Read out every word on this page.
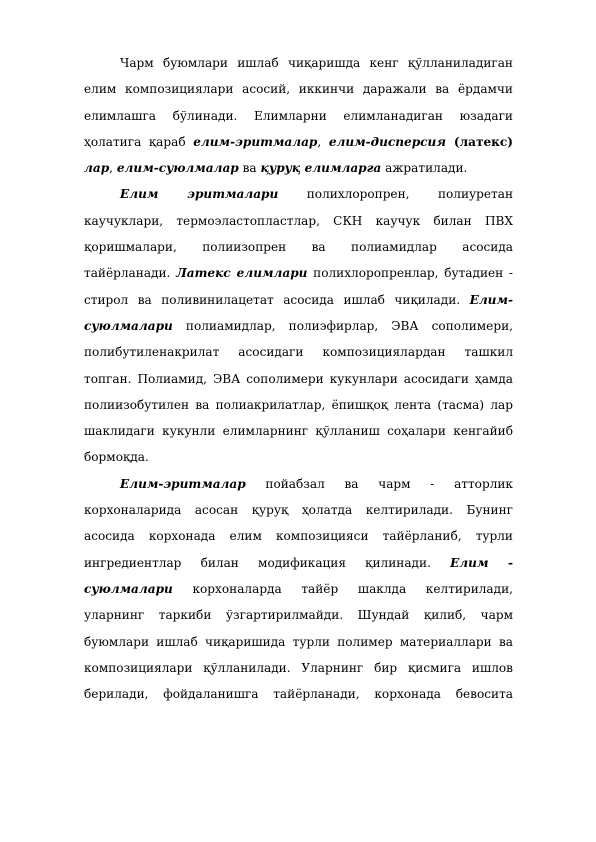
Чарм буюмлари ишлаб чиқаришда кенг қўлланиладиган
елим композициялари асосий, иккинчи даражали ва ёрдамчи
елимлашга бўлинади. Елимларни елимланадиган юзадаги
ҳолатига қараб елим-эритмалар, елим-дисперсия (латекс)
лар, елим-суюлмалар ва қуруқ елимларга ажратилади.
Елим эритмалари полихлоропрен, полиуретан
каучуклари, термоэластопластлар, СКН каучук билан ПВХ
қоришмалари, полиизопрен ва полиамидлар асосида
тайёрланади. Латекс елимлари полихлоропренлар, бутадиен -
стирол ва поливинилацетат асосида ишлаб чиқилади. Елим-
суюлмалари полиамидлар, полиэфирлар, ЭВА сополимери,
полибутиленакрилат асосидаги композициялардан ташкил
топган. Полиамид, ЭВА сополимери кукунлари асосидаги ҳамда
полиизобутилен ва полиакрилатлар, ёпишқоқ лента (тасма) лар
шаклидаги кукунли елимларнинг қўлланиш соҳалари кенгайиб
бормоқда.
Елим-эритмалар пойабзал ва чарм - атторлик
корхоналарида асосан қуруқ ҳолатда келтирилади. Бунинг
асосида корхонада елим композицияси тайёрланиб, турли
ингредиентлар билан модификация қилинади. Елим -
суюлмалари корхоналарда тайёр шаклда келтирилади,
уларнинг таркиби ўзгартирилмайди. Шундай қилиб, чарм
буюмлари ишлаб чиқаришида турли полимер материаллари ва
композициялари қўлланилади. Уларнинг бир қисмига ишлов
берилади, фойдаланишга тайёрланади, корхонада бевосита
